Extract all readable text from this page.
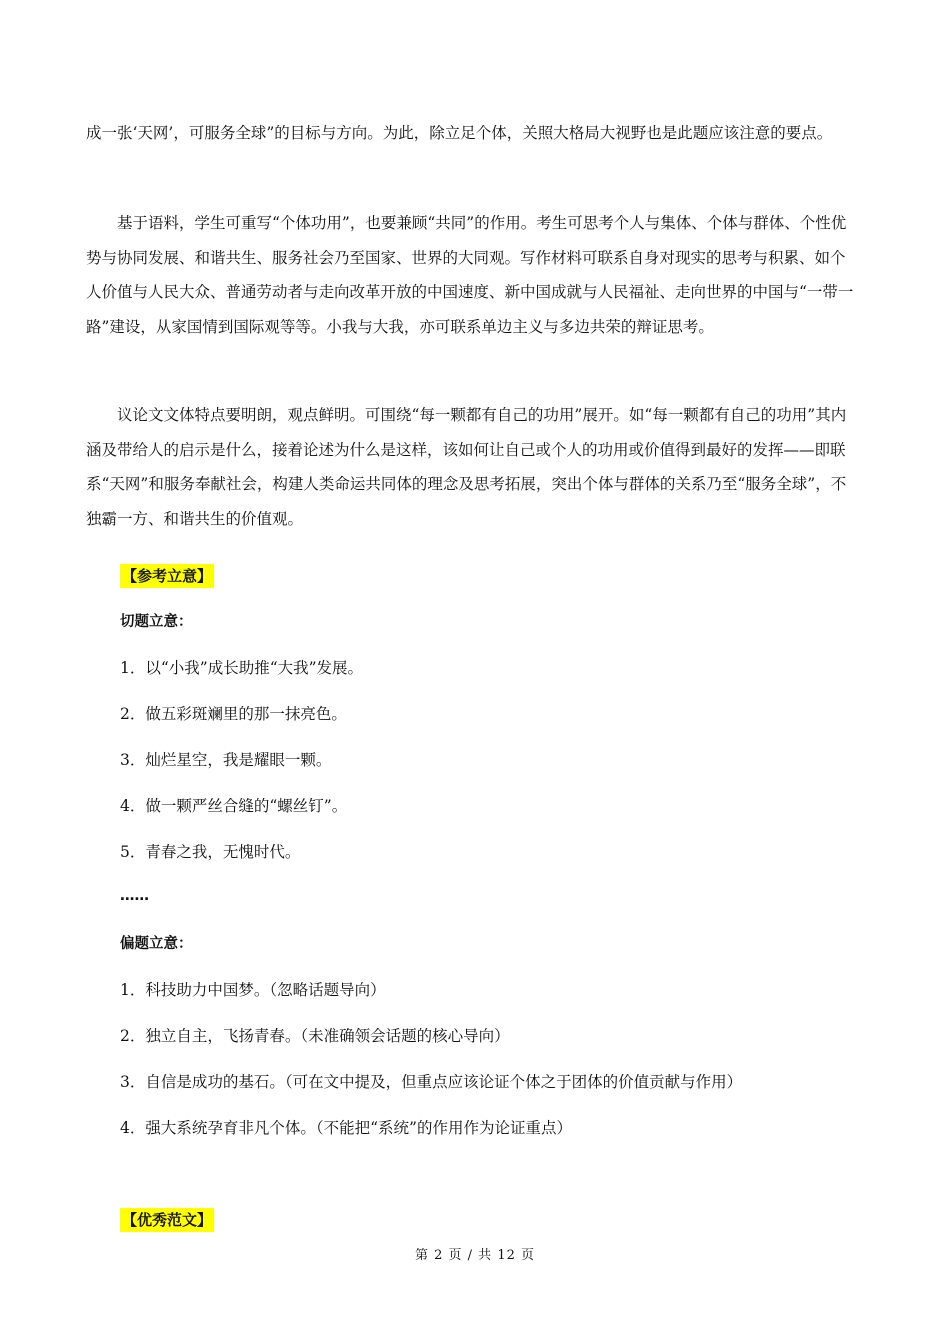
成一张‘天网’，可服务全球”的目标与方向。为此，除立足个体，关照大格局大视野也是此题应该注意的要点。

基于语料，学生可重写“个体功用”，也要兼顾“共同”的作用。考生可思考个人与集体、个体与群体、个性优势与协同发展、和谐共生、服务社会乃至国家、世界的大同观。写作材料可联系自身对现实的思考与积累、如个人价值与人民大众、普通劳动者与走向改革开放的中国速度、新中国成就与人民福祉、走向世界的中国与“一带一路”建设，从家国情到国际观等等。小我与大我，亦可联系单边主义与多边共荣的辩证思考。

议论文文体特点要明朗，观点鲜明。可围绕“每一颗都有自己的功用”展开。如“每一颗都有自己的功用”其内涵及带给人的启示是什么，接着论述为什么是这样，该如何让自己或个人的功用或价值得到最好的发挥——即联系“天网”和服务奉献社会，构建人类命运共同体的理念及思考拓展，突出个体与群体的关系乃至“服务全球”，不独霸一方、和谐共生的价值观。

【参考立意】
切题立意：
1．以“小我”成长助推“大我”发展。
2．做五彩斑斓里的那一抹亮色。
3．灿烂星空，我是耀眼一颗。
4．做一颗严丝合缝的“螺丝钉”。
5．青春之我，无愧时代。
……
偏题立意：
1．科技助力中国梦。（忽略话题导向）
2．独立自主，飞扬青春。（未准确领会话题的核心导向）
3．自信是成功的基石。（可在文中提及，但重点应该论证个体之于团体的价值贡献与作用）
4．强大系统孕育非凡个体。（不能把“系统”的作用作为论证重点）
【优秀范文】
第 2 页 / 共 12 页
